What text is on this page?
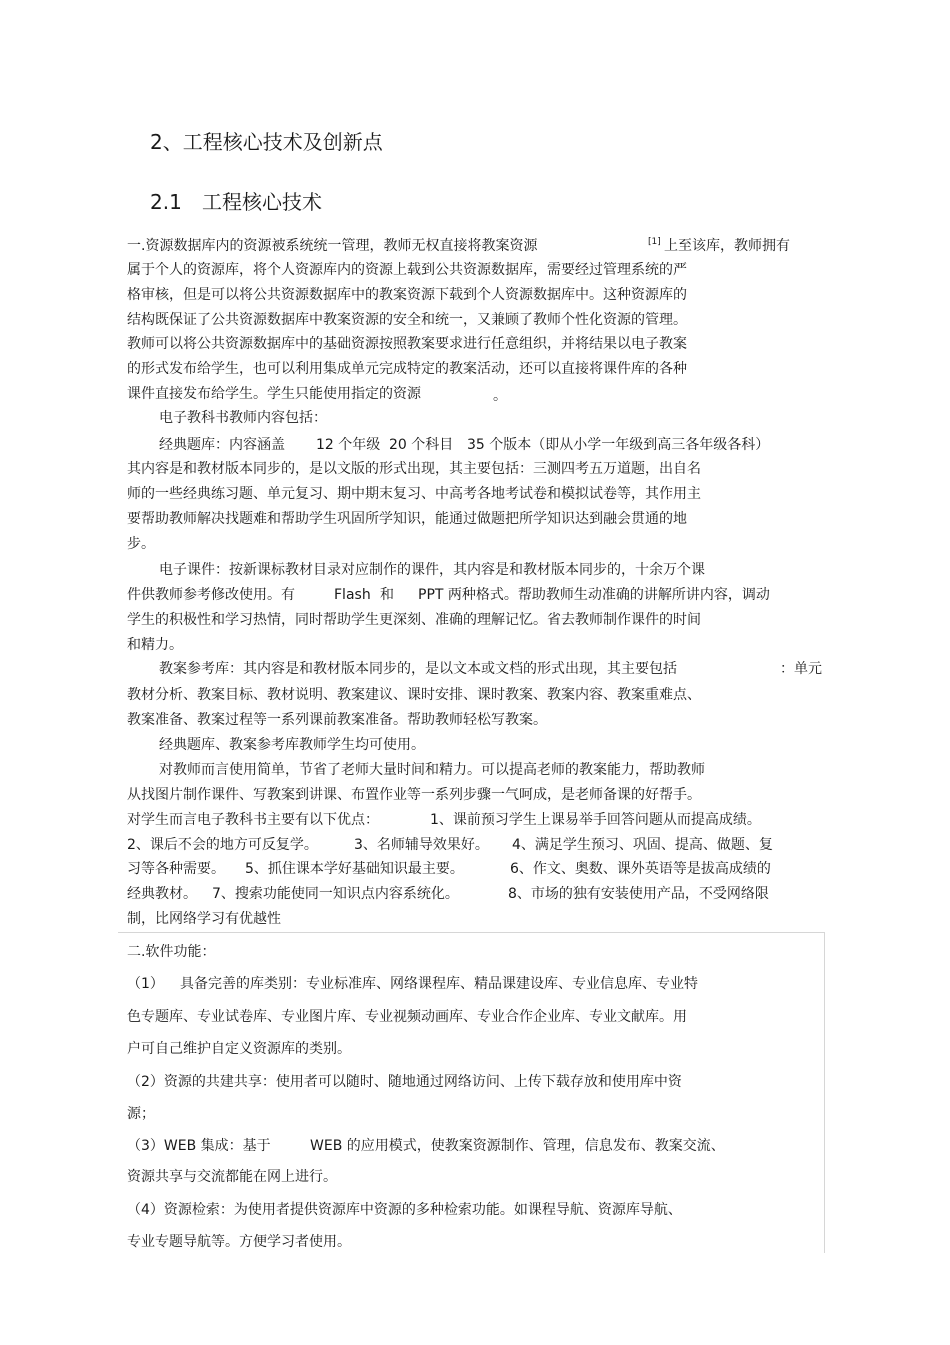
2、工程核心技术及创新点
2.1 工程核心技术
一.资源数据库内的资源被系统统一管理，教师无权直接将教案资源	[1] 上至该库，教师拥有
属于个人的资源库，将个人资源库内的资源上载到公共资源数据库，需要经过管理系统的严
格审核，但是可以将公共资源数据库中的教案资源下载到个人资源数据库中。这种资源库的
结构既保证了公共资源数据库中教案资源的安全和统一，又兼顾了教师个性化资源的管理。
教师可以将公共资源数据库中的基础资源按照教案要求进行任意组织，并将结果以电子教案
的形式发布给学生，也可以利用集成单元完成特定的教案活动，还可以直接将课件库的各种
课件直接发布给学生。学生只能使用指定的资源	。
电子教科书教师内容包括：
经典题库：内容涵盖 12 个年级 20 个科目 35 个版本（即从小学一年级到高三各年级各科）
其内容是和教材版本同步的，是以文版的形式出现，其主要包括：三测四考五万道题，出自名
师的一些经典练习题、单元复习、期中期末复习、中高考各地考试卷和模拟试卷等，其作用主
要帮助教师解决找题难和帮助学生巩固所学知识，能通过做题把所学知识达到融会贯通的地
步。
电子课件：按新课标教材目录对应制作的课件，其内容是和教材版本同步的，十余万个课
件供教师参考修改使用。有	Flash 和 PPT 两种格式。帮助教师生动准确的讲解所讲内容，调动
学生的积极性和学习热情，同时帮助学生更深刻、准确的理解记忆。省去教师制作课件的时间
和精力。
教案参考库：其内容是和教材版本同步的，是以文本或文档的形式出现，其主要包括	：单元
教材分析、教案目标、教材说明、教案建议、课时安排、课时教案、教案内容、教案重难点、
教案准备、教案过程等一系列课前教案准备。帮助教师轻松写教案。
经典题库、教案参考库教师学生均可使用。
对教师而言使用简单，节省了老师大量时间和精力。可以提高老师的教案能力，帮助教师
从找图片制作课件、写教案到讲课、布置作业等一系列步骤一气呵成，是老师备课的好帮手。
对学生而言电子教科书主要有以下优点：	1、课前预习学生上课易举手回答问题从而提高成绩。
2、课后不会的地方可反复学。	3、名师辅导效果好。 4、满足学生预习、巩固、提高、做题、复
习等各种需要。 5、抓住课本学好基础知识最主要。	6、作文、奥数、课外英语等是拔高成绩的
经典教材。 7、搜索功能使同一知识点内容系统化。	8、市场的独有安装使用产品，不受网络限
制，比网络学习有优越性
二.软件功能：
（1） 具备完善的库类别：专业标准库、网络课程库、精品课建设库、专业信息库、专业特
色专题库、专业试卷库、专业图片库、专业视频动画库、专业合作企业库、专业文献库。用
户可自己维护自定义资源库的类别。
（2）资源的共建共享：使用者可以随时、随地通过网络访问、上传下载存放和使用库中资
源；
（3）WEB 集成：基于	WEB 的应用模式，使教案资源制作、管理，信息发布、教案交流、
资源共享与交流都能在网上进行。
（4）资源检索：为使用者提供资源库中资源的多种检索功能。如课程导航、资源库导航、
专业专题导航等。方便学习者使用。
